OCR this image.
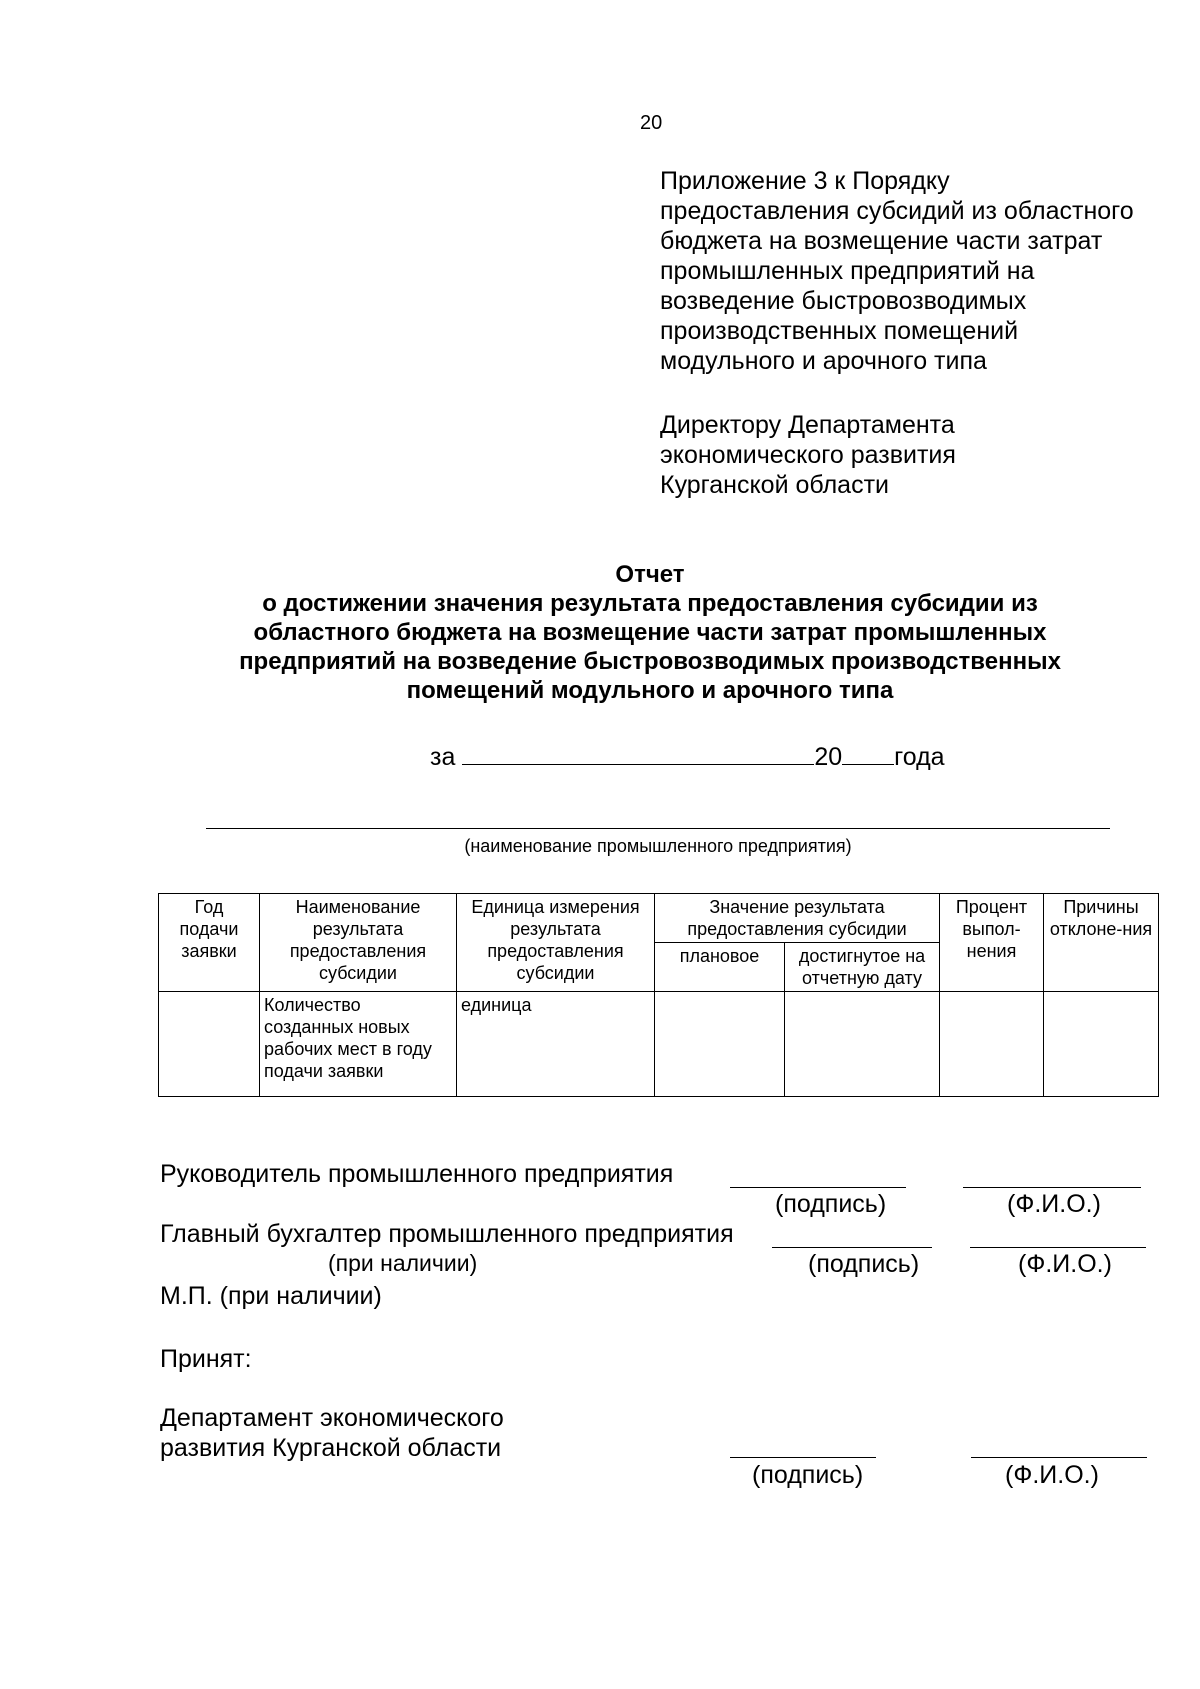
20
Приложение 3 к Порядку
предоставления субсидий из областного
бюджета на возмещение части затрат
промышленных предприятий на
возведение быстровозводимых
производственных помещений
модульного и арочного типа
Директору Департамента
экономического развития
Курганской области
Отчет
о достижении значения результата предоставления субсидии из
областного бюджета на возмещение части затрат промышленных
предприятий на возведение быстровозводимых производственных
помещений модульного и арочного типа
за	20 года
(наименование промышленного предприятия)
Год подачи заявки	Наименование результата предоставления субсидии	Единица измерения результата предоставления субсидии	Значение результата предоставления субсидии		Процент выпол-нения	Причины отклоне-ния
			плановое	достигнутое на отчетную дату		
	Количество созданных новых рабочих мест в году подачи заявки	единица				
Руководитель промышленного предприятия
(подпись)	(Ф.И.О.)
Главный бухгалтер промышленного предприятия
(при наличии)	(подпись)	(Ф.И.О.)
М.П. (при наличии)
Принят:
Департамент экономического
развития Курганской области
(подпись)	(Ф.И.О.)
